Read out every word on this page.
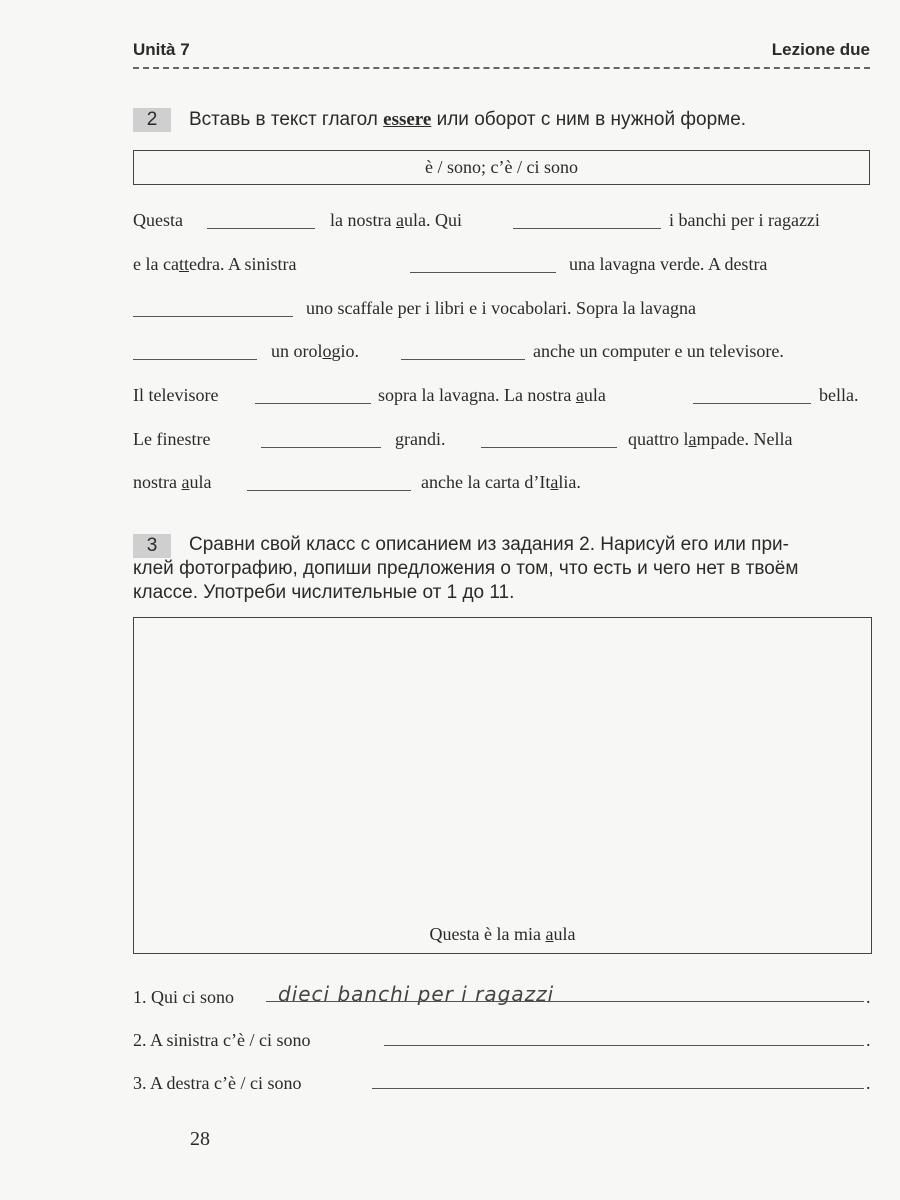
Unità 7	Lezione due
2	Вставь в текст глагол essere или оборот с ним в нужной форме.
è / sono; c’è / ci sono
Questa	la nostra aula. Qui	i banchi per i ragazzi
e la cattedra. A sinistra	una lavagna verde. A destra
uno scaffale per i libri e i vocabolari. Sopra la lavagna
un orologio.	anche un computer e un televisore.
Il televisore	sopra la lavagna. La nostra aula	bella.
Le finestre	grandi.	quattro lampade. Nella
nostra aula	anche la carta d’Italia.
3	Сравни свой класс с описанием из задания 2. Нарисуй его или при-
клей фотографию, допиши предложения о том, что есть и чего нет в твоём
классе. Употреби числительные от 1 до 11.
Questa è la mia aula
1. Qui ci sono dieci banchi per i ragazzi	.
2. A sinistra c’è / ci sono	.
3. A destra c’è / ci sono	.
28
